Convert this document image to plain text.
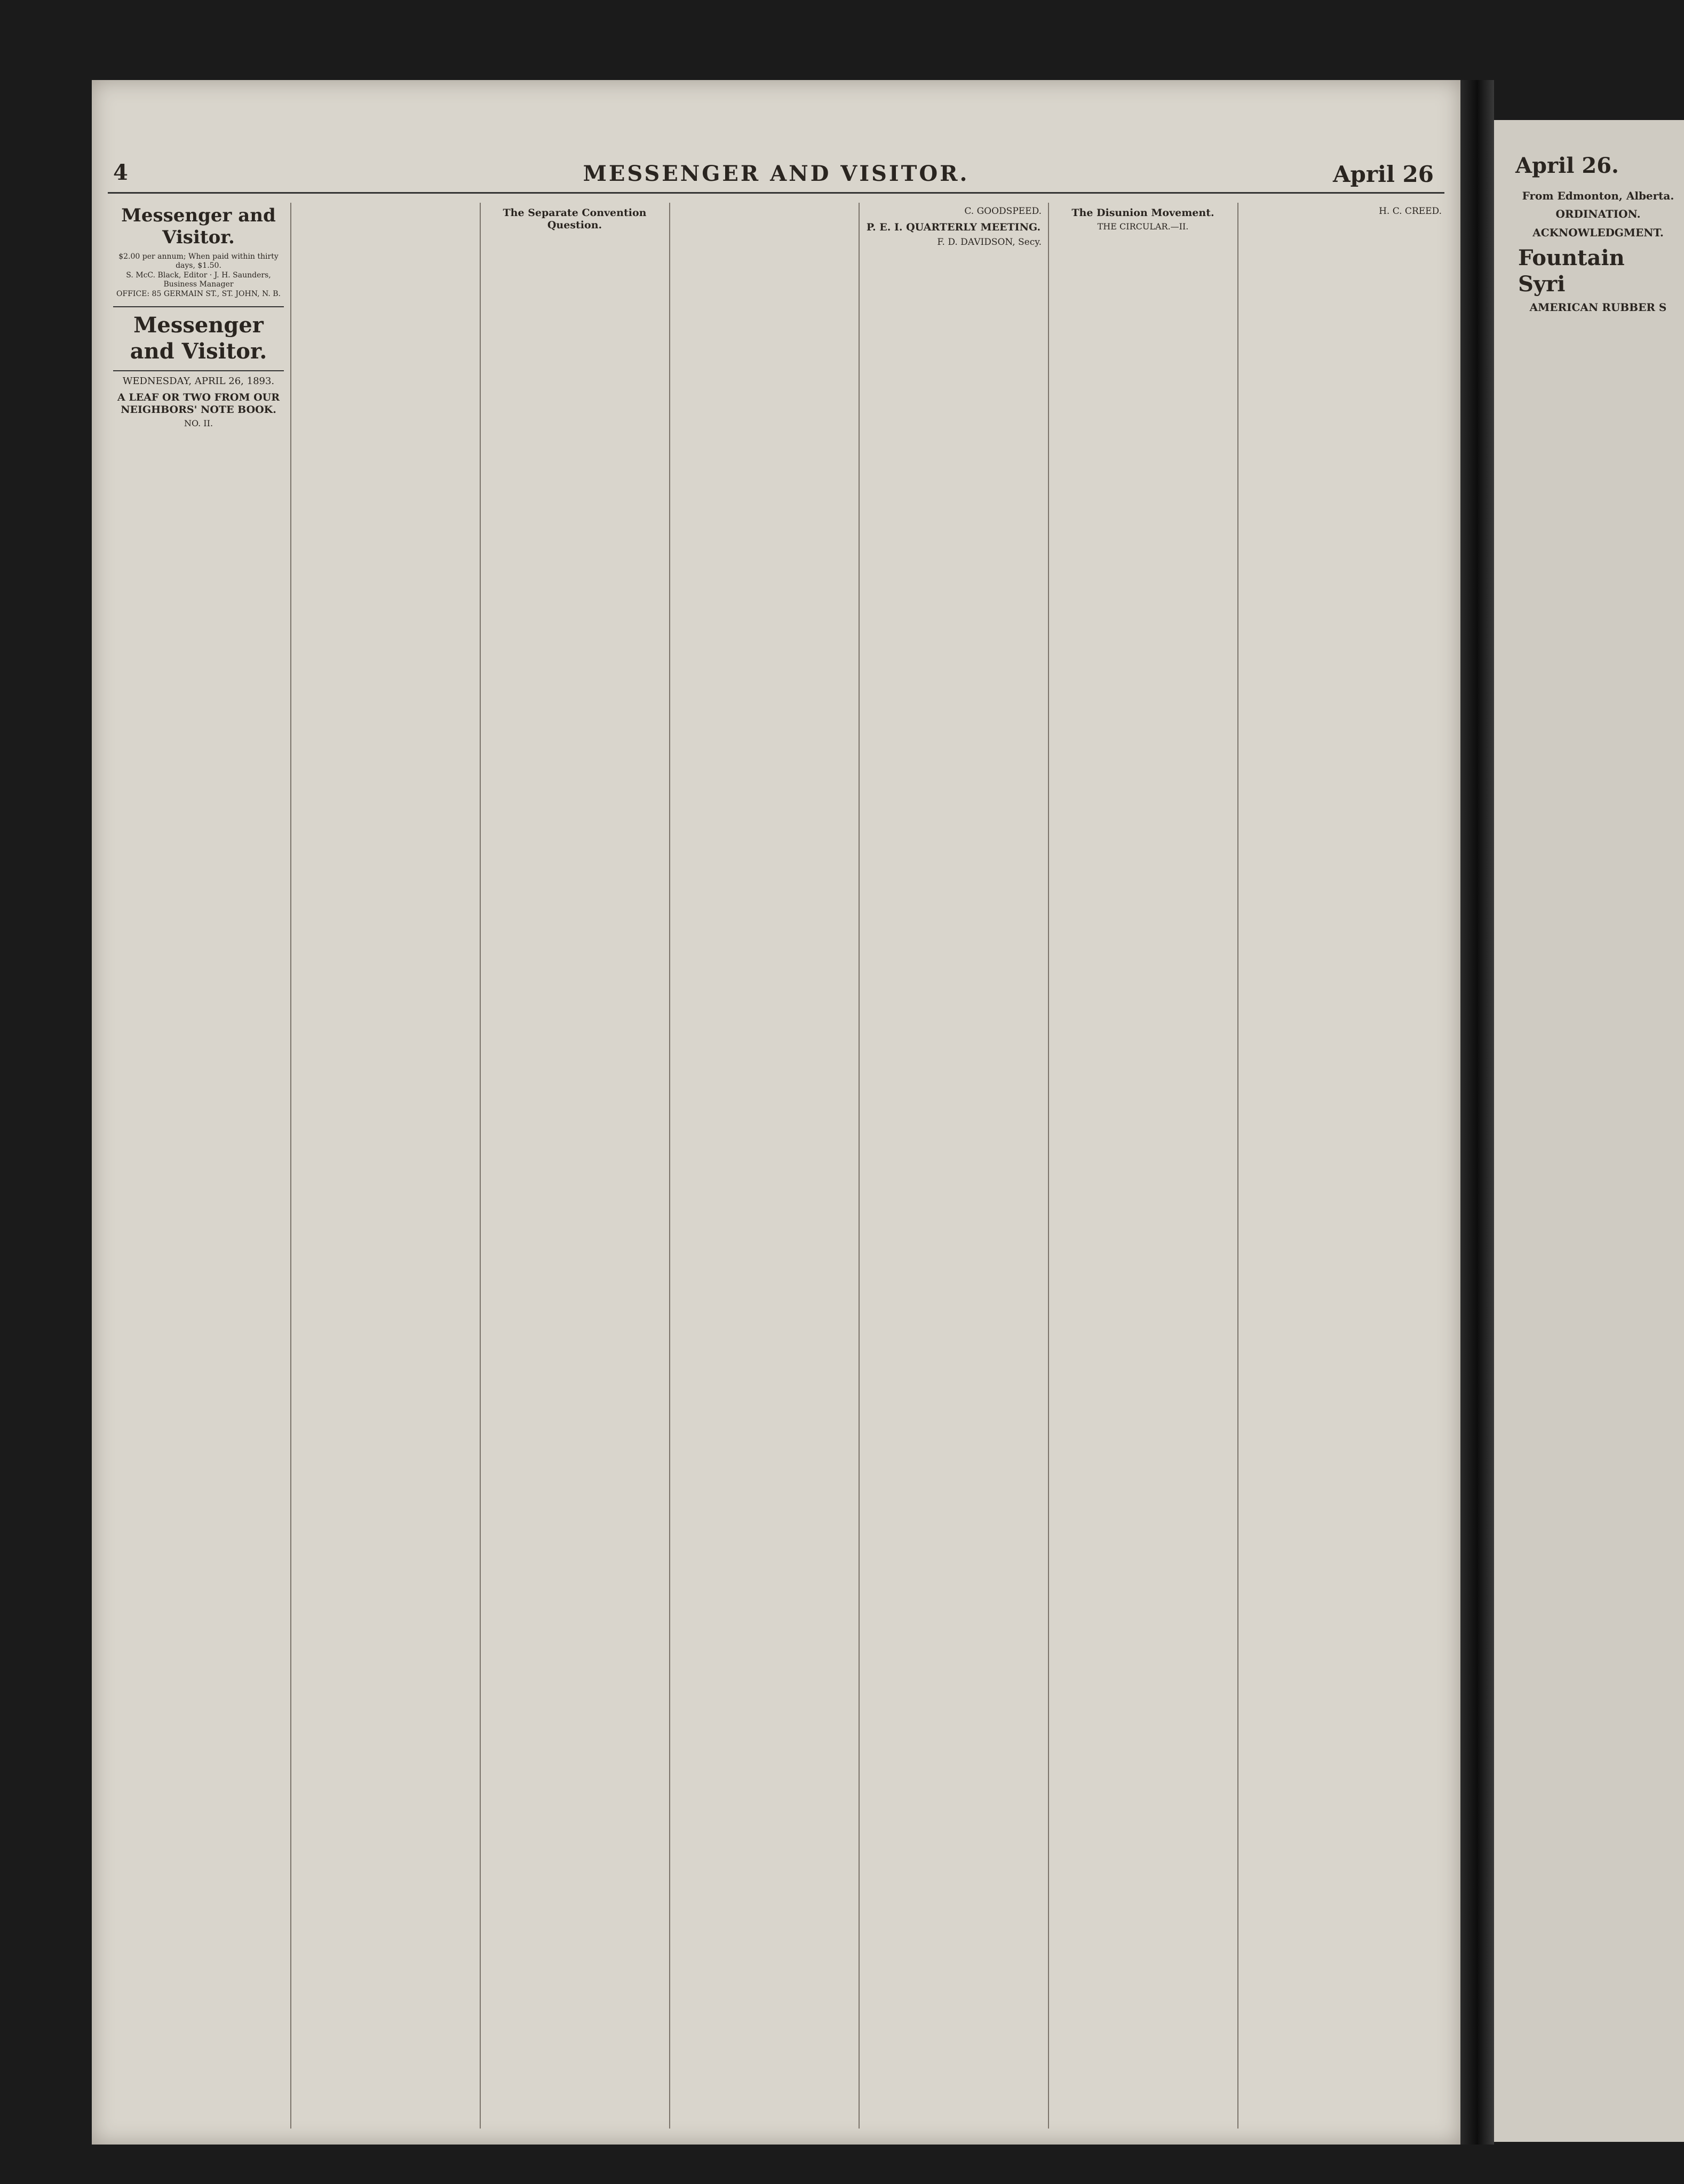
4	MESSENGER AND VISITOR.	April 26
Messenger and Visitor.
$2.00 per annum; When paid within thirty days, $1.50.
S. McC. Black, Editor · J. H. Saunders, Business Manager
OFFICE: 85 GERMAIN ST., ST. JOHN, N. B.
Messenger and Visitor.
WEDNESDAY, APRIL 26, 1893.
A LEAF OR TWO FROM OUR NEIGHBORS' NOTE BOOK.
NO. II.
The Separate Convention Question.
C. GOODSPEED.
P. E. I. QUARTERLY MEETING.
F. D. DAVIDSON, Secy.
The Disunion Movement.
THE CIRCULAR.—II.
H. C. CREED.
April 26.
From Edmonton, Alberta.
ORDINATION.
ACKNOWLEDGMENT.
Fountain Syri
AMERICAN RUBBER S
